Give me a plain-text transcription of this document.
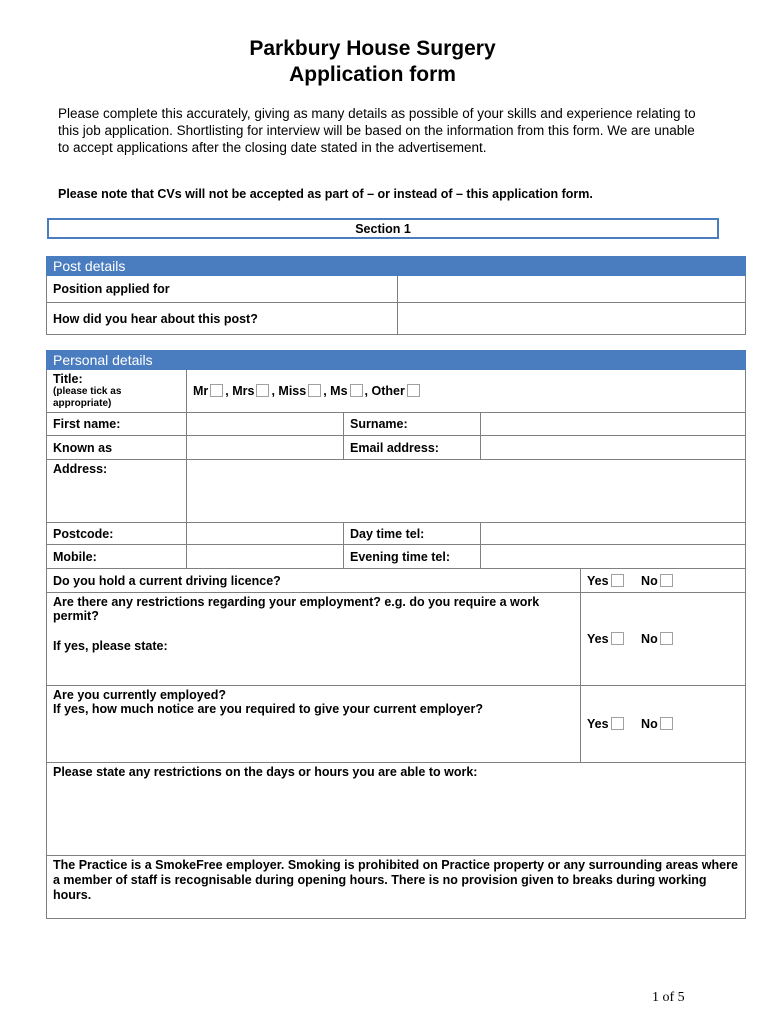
Parkbury House Surgery
Application form
Please complete this accurately, giving as many details as possible of your skills and experience relating to this job application. Shortlisting for interview will be based on the information from this form. We are unable to accept applications after the closing date stated in the advertisement.
Please note that CVs will not be accepted as part of – or instead of – this application form.
Section 1
Post details	
Position applied for	
How did you hear about this post?	
Personal details				
Title:
(please tick as appropriate)	Mr , Mrs , Miss , Ms , Other			
First name:		Surname:		
Known as		Email address:		
Address:				
Postcode:		Day time tel:		
Mobile:		Evening time tel:		
Do you hold a current driving licence?				Yes No

Are there any restrictions regarding your employment? e.g. do you require a work permit?
If yes, please state:				Yes No

Are you currently employed?
If yes, how much notice are you required to give your current employer?				Yes No
Please state any restrictions on the days or hours you are able to work:				
The Practice is a SmokeFree employer. Smoking is prohibited on Practice property or any surrounding areas where a member of staff is recognisable during opening hours. There is no provision given to breaks during working hours.				
1 of 5
